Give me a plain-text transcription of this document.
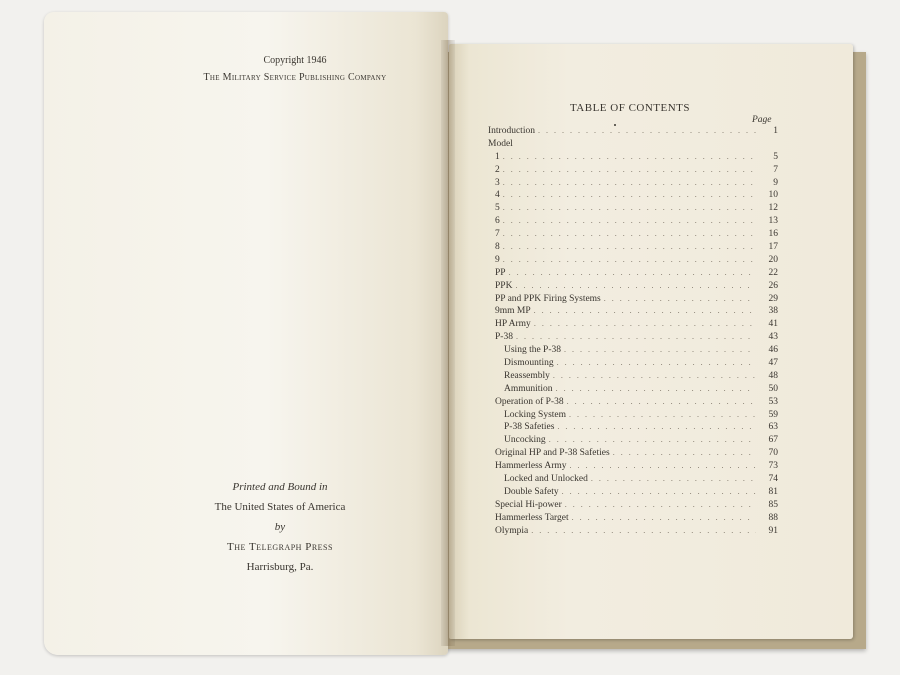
Copyright 1946
The Military Service Publishing Company
Printed and Bound in
The United States of America
by
The Telegraph Press
Harrisburg, Pa.
TABLE OF CONTENTS
Page
Introduction . . .	1
Model
1 . . .	5
2 . . .	7
3 . . .	9
4 . . .	10
5 . . .	12
6 . . .	13
7 . . .	16
8 . . .	17
9 . . .	20
PP . . .	22
PPK . . .	26
PP and PPK Firing Systems . . .	29
9mm MP . . .	38
HP Army . . .	41
P-38 . . .	43
Using the P-38 . . .	46
Dismounting . . .	47
Reassembly . . .	48
Ammunition . . .	50
Operation of P-38 . . .	53
Locking System . . .	59
P-38 Safeties . . .	63
Uncocking . . .	67
Original HP and P-38 Safeties . . .	70
Hammerless Army . . .	73
Locked and Unlocked . . .	74
Double Safety . . .	81
Special Hi-power . . .	85
Hammerless Target . . .	88
Olympia . . .	91
